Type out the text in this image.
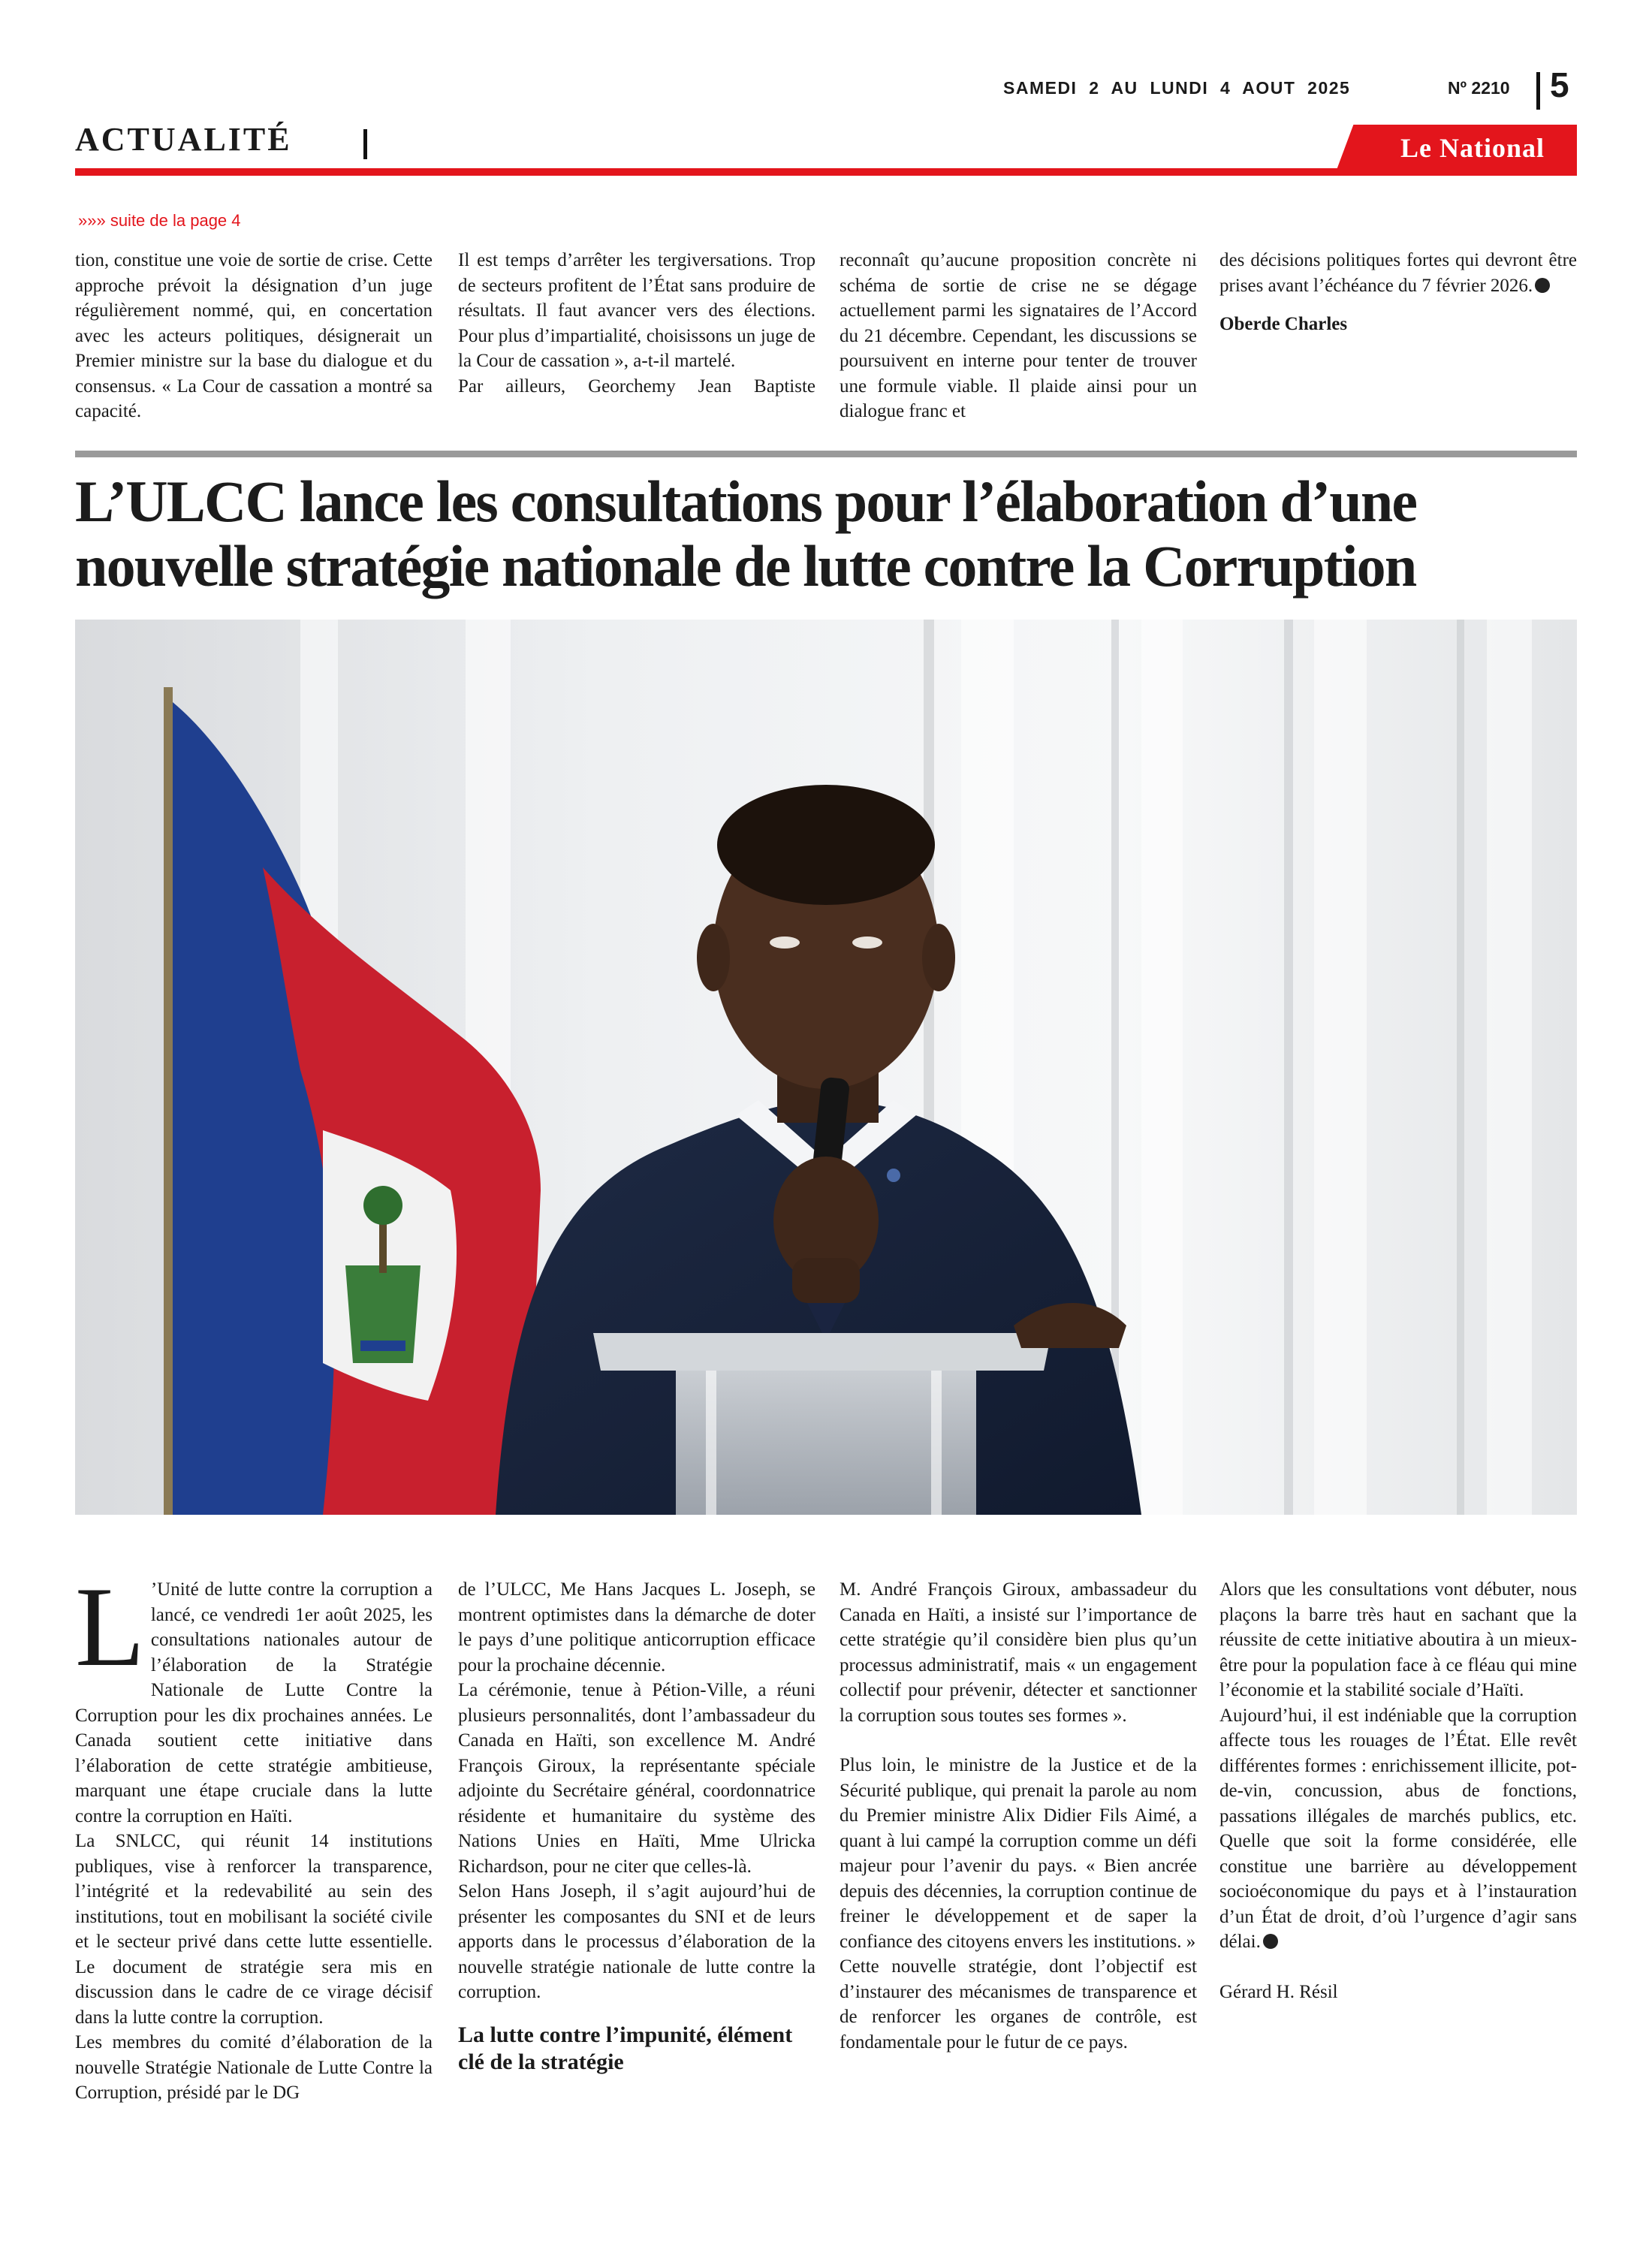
SAMEDI  2  AU  LUNDI  4  AOUT  2025	Nº 2210 5
ACTUALITÉ	Le National
»»» suite de la page 4

tion, constitue une voie de sortie de crise. Cette approche prévoit la désignation d’un juge régulièrement nommé, qui, en concertation avec les acteurs politiques, désignerait un Premier ministre sur la base du dialogue et du consensus. « La Cour de cassation a montré sa capacité.

Il est temps d’arrêter les tergiversations. Trop de secteurs profitent de l’État sans produire de résultats. Il faut avancer vers des élections. Pour plus d’impartialité, choisissons un juge de la Cour de cassation », a-t-il martelé.

Par ailleurs, Georchemy Jean Baptiste

reconnaît qu’aucune proposition concrète ni schéma de sortie de crise ne se dégage actuellement parmi les signataires de l’Accord du 21 décembre. Cependant, les discussions se poursuivent en interne pour tenter de trouver une formule viable. Il plaide ainsi pour un dialogue franc et

des décisions politiques fortes qui devront être prises avant l’échéance du 7 février 2026.

Oberde Charles

L’ULCC lance les consultations pour l’élaboration d’une nouvelle stratégie nationale de lutte contre la Corruption

L ’Unité de lutte contre la corruption a lancé, ce vendredi 1er août 2025, les consultations nationales autour de l’élaboration de la Stratégie Nationale de Lutte Contre la Corruption pour les dix prochaines années. Le Canada soutient cette initiative dans l’élaboration de cette stratégie ambitieuse, marquant une étape cruciale dans la lutte contre la corruption en Haïti.

La SNLCC, qui réunit 14 institutions publiques, vise à renforcer la transparence, l’intégrité et la redevabilité au sein des institutions, tout en mobilisant la société civile et le secteur privé dans cette lutte essentielle. Le document de stratégie sera mis en discussion dans le cadre de ce virage décisif dans la lutte contre la corruption.

Les membres du comité d’élaboration de la nouvelle Stratégie Nationale de Lutte Contre la Corruption, présidé par le DG

de l’ULCC, Me Hans Jacques L. Joseph, se montrent optimistes dans la démarche de doter le pays d’une politique anticorruption efficace pour la prochaine décennie.

La cérémonie, tenue à Pétion-Ville, a réuni plusieurs personnalités, dont l’ambassadeur du Canada en Haïti, son excellence M. André François Giroux, la représentante spéciale adjointe du Secrétaire général, coordonnatrice résidente et humanitaire du système des Nations Unies en Haïti, Mme Ulricka Richardson, pour ne citer que celles-là.

Selon Hans Joseph, il s’agit aujourd’hui de présenter les composantes du SNI et de leurs apports dans le processus d’élaboration de la nouvelle stratégie nationale de lutte contre la corruption.

La lutte contre l’impunité, élément clé de la stratégie

M. André François Giroux, ambassadeur du Canada en Haïti, a insisté sur l’importance de cette stratégie qu’il considère bien plus qu’un processus administratif, mais « un engagement collectif pour prévenir, détecter et sanctionner la corruption sous toutes ses formes ».

Plus loin, le ministre de la Justice et de la Sécurité publique, qui prenait la parole au nom du Premier ministre Alix Didier Fils Aimé, a quant à lui campé la corruption comme un défi majeur pour l’avenir du pays. « Bien ancrée depuis des décennies, la corruption continue de freiner le développement et de saper la confiance des citoyens envers les institutions. »

Cette nouvelle stratégie, dont l’objectif est d’instaurer des mécanismes de transparence et de renforcer les organes de contrôle, est fondamentale pour le futur de ce pays.

Alors que les consultations vont débuter, nous plaçons la barre très haut en sachant que la réussite de cette initiative aboutira à un mieux-être pour la population face à ce fléau qui mine l’économie et la stabilité sociale d’Haïti.

Aujourd’hui, il est indéniable que la corruption affecte tous les rouages de l’État. Elle revêt différentes formes : enrichissement illicite, pot-de-vin, concussion, abus de fonctions, passations illégales de marchés publics, etc. Quelle que soit la forme considérée, elle constitue une barrière au développement socioéconomique du pays et à l’instauration d’un État de droit, d’où l’urgence d’agir sans délai.

Gérard H. Résil
